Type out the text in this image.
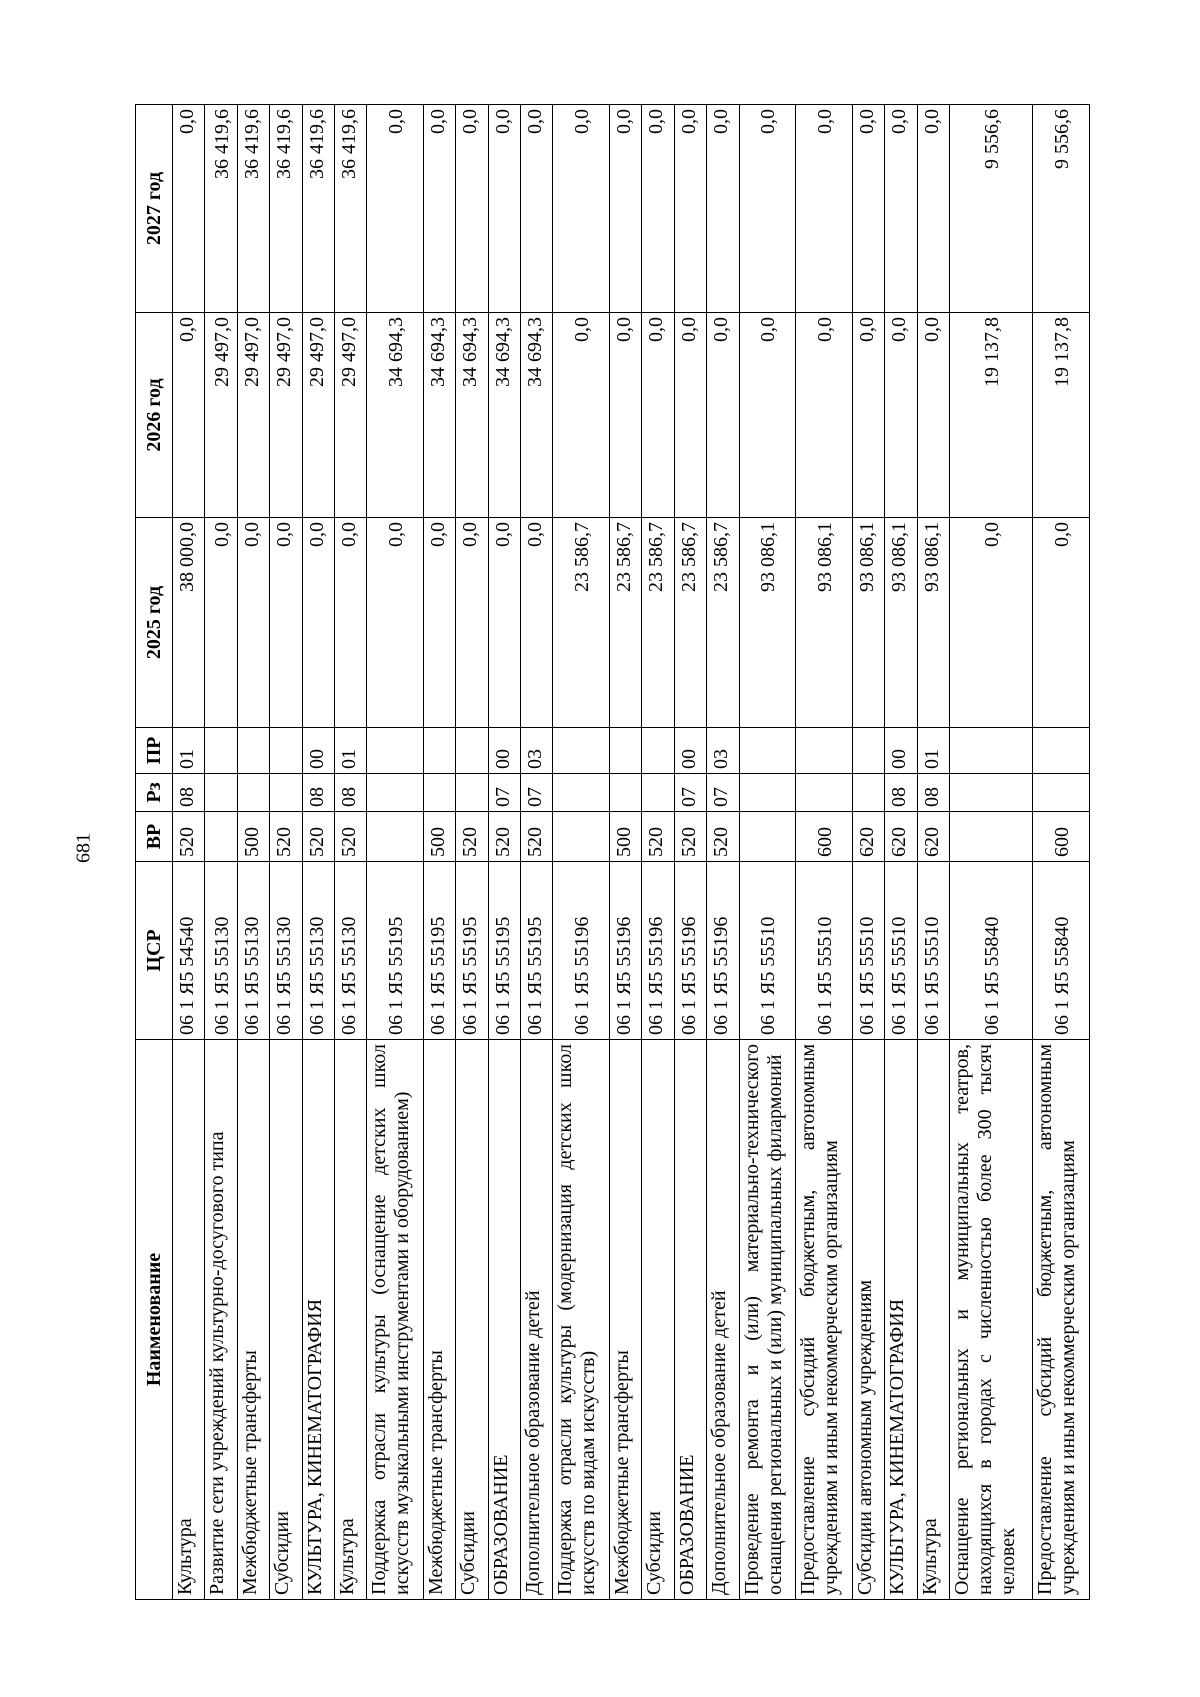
681
Наименование	ЦСР	ВР	Рз	ПР	2025 год	2026 год	2027 год
Культура	06 1 Я5 54540	520	08	01	38 000,0	0,0	0,0
Развитие сети учреждений культурно-досугового типа	06 1 Я5 55130				0,0	29 497,0	36 419,6
Межбюджетные трансферты	06 1 Я5 55130	500			0,0	29 497,0	36 419,6
Субсидии	06 1 Я5 55130	520			0,0	29 497,0	36 419,6
КУЛЬТУРА, КИНЕМАТОГРАФИЯ	06 1 Я5 55130	520	08	00	0,0	29 497,0	36 419,6
Культура	06 1 Я5 55130	520	08	01	0,0	29 497,0	36 419,6
Поддержка отрасли культуры (оснащение детских школ искусств музыкальными инструментами и оборудованием)	06 1 Я5 55195				0,0	34 694,3	0,0
Межбюджетные трансферты	06 1 Я5 55195	500			0,0	34 694,3	0,0
Субсидии	06 1 Я5 55195	520			0,0	34 694,3	0,0
ОБРАЗОВАНИЕ	06 1 Я5 55195	520	07	00	0,0	34 694,3	0,0
Дополнительное образование детей	06 1 Я5 55195	520	07	03	0,0	34 694,3	0,0
Поддержка отрасли культуры (модернизация детских школ искусств по видам искусств)	06 1 Я5 55196				23 586,7	0,0	0,0
Межбюджетные трансферты	06 1 Я5 55196	500			23 586,7	0,0	0,0
Субсидии	06 1 Я5 55196	520			23 586,7	0,0	0,0
ОБРАЗОВАНИЕ	06 1 Я5 55196	520	07	00	23 586,7	0,0	0,0
Дополнительное образование детей	06 1 Я5 55196	520	07	03	23 586,7	0,0	0,0
Проведение ремонта и (или) материально-технического оснащения региональных и (или) муниципальных филармоний	06 1 Я5 55510				93 086,1	0,0	0,0
Предоставление субсидий бюджетным, автономным учреждениям и иным некоммерческим организациям	06 1 Я5 55510	600			93 086,1	0,0	0,0
Субсидии автономным учреждениям	06 1 Я5 55510	620			93 086,1	0,0	0,0
КУЛЬТУРА, КИНЕМАТОГРАФИЯ	06 1 Я5 55510	620	08	00	93 086,1	0,0	0,0
Культура	06 1 Я5 55510	620	08	01	93 086,1	0,0	0,0
Оснащение региональных и муниципальных театров, находящихся в городах с численностью более 300 тысяч человек	06 1 Я5 55840				0,0	19 137,8	9 556,6
Предоставление субсидий бюджетным, автономным учреждениям и иным некоммерческим организациям	06 1 Я5 55840	600			0,0	19 137,8	9 556,6
